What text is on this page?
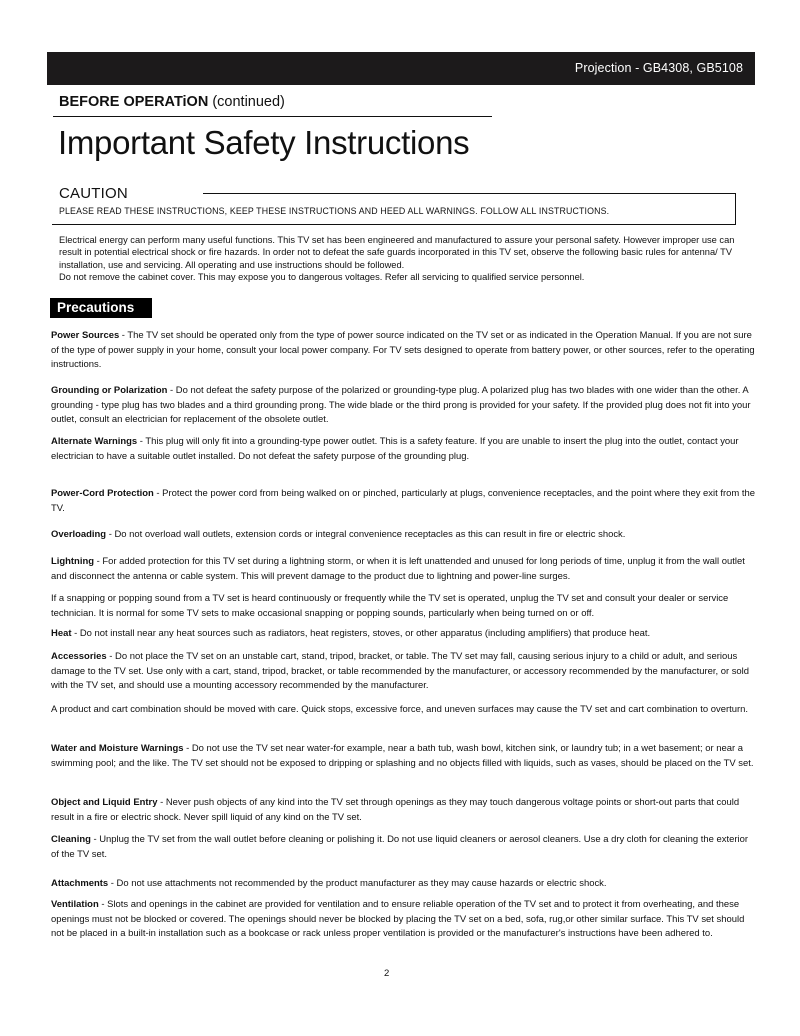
Projection - GB4308, GB5108
BEFORE OPERATiON (continued)
Important Safety Instructions
CAUTION
PLEASE READ THESE INSTRUCTIONS, KEEP THESE INSTRUCTIONS AND HEED ALL WARNINGS. FOLLOW ALL INSTRUCTIONS.

Electrical energy can perform many useful functions. This TV set has been engineered and manufactured to assure your personal safety. However improper use can result in potential electrical shock or fire hazards. In order not to defeat the safe guards incorporated in this TV set, observe the following basic rules for antenna/ TV installation, use and servicing. All operating and use instructions should be followed.

Do not remove the cabinet cover. This may expose you to dangerous voltages. Refer all servicing to qualified service personnel.

Precautions

Power Sources - The TV set should be operated only from the type of power source indicated on the TV set or as indicated in the Operation Manual. If you are not sure of the type of power supply in your home, consult your local power company. For TV sets designed to operate from battery power, or other sources, refer to the operating instructions.

Grounding or Polarization - Do not defeat the safety purpose of the polarized or grounding-type plug. A polarized plug has two blades with one wider than the other. A grounding - type plug has two blades and a third grounding prong. The wide blade or the third prong is provided for your safety. If the provided plug does not fit into your outlet, consult an electrician for replacement of the obsolete outlet.

Alternate Warnings - This plug will only fit into a grounding-type power outlet. This is a safety feature. If you are unable to insert the plug into the outlet, contact your electrician to have a suitable outlet installed. Do not defeat the safety purpose of the grounding plug.

Power-Cord Protection - Protect the power cord from being walked on or pinched, particularly at plugs, convenience receptacles, and the point where they exit from the TV.

Overloading - Do not overload wall outlets, extension cords or integral convenience receptacles as this can result in fire or electric shock.

Lightning - For added protection for this TV set during a lightning storm, or when it is left unattended and unused for long periods of time, unplug it from the wall outlet and disconnect the antenna or cable system. This will prevent damage to the product due to lightning and power-line surges.

If a snapping or popping sound from a TV set is heard continuously or frequently while the TV set is operated, unplug the TV set and consult your dealer or service technician. It is normal for some TV sets to make occasional snapping or popping sounds, particularly when being turned on or off.

Heat - Do not install near any heat sources such as radiators, heat registers, stoves, or other apparatus (including amplifiers) that produce heat.

Accessories - Do not place the TV set on an unstable cart, stand, tripod, bracket, or table. The TV set may fall, causing serious injury to a child or adult, and serious damage to the TV set. Use only with a cart, stand, tripod, bracket, or table recommended by the manufacturer, or accessory recommended by the manufacturer, or sold with the TV set, and should use a mounting accessory recommended by the manufacturer.

A product and cart combination should be moved with care. Quick stops, excessive force, and uneven surfaces may cause the TV set and cart combination to overturn.

Water and Moisture Warnings - Do not use the TV set near water-for example, near a bath tub, wash bowl, kitchen sink, or laundry tub; in a wet basement; or near a swimming pool; and the like. The TV set should not be exposed to dripping or splashing and no objects filled with liquids, such as vases, should be placed on the TV set.

Object and Liquid Entry - Never push objects of any kind into the TV set through openings as they may touch dangerous voltage points or short-out parts that could result in a fire or electric shock. Never spill liquid of any kind on the TV set.

Cleaning - Unplug the TV set from the wall outlet before cleaning or polishing it. Do not use liquid cleaners or aerosol cleaners. Use a dry cloth for cleaning the exterior of the TV set.

Attachments - Do not use attachments not recommended by the product manufacturer as they may cause hazards or electric shock.

Ventilation - Slots and openings in the cabinet are provided for ventilation and to ensure reliable operation of the TV set and to protect it from overheating, and these openings must not be blocked or covered. The openings should never be blocked by placing the TV set on a bed, sofa, rug,or other similar surface. This TV set should not be placed in a built-in installation such as a bookcase or rack unless proper ventilation is provided or the manufacturer's instructions have been adhered to.

2
